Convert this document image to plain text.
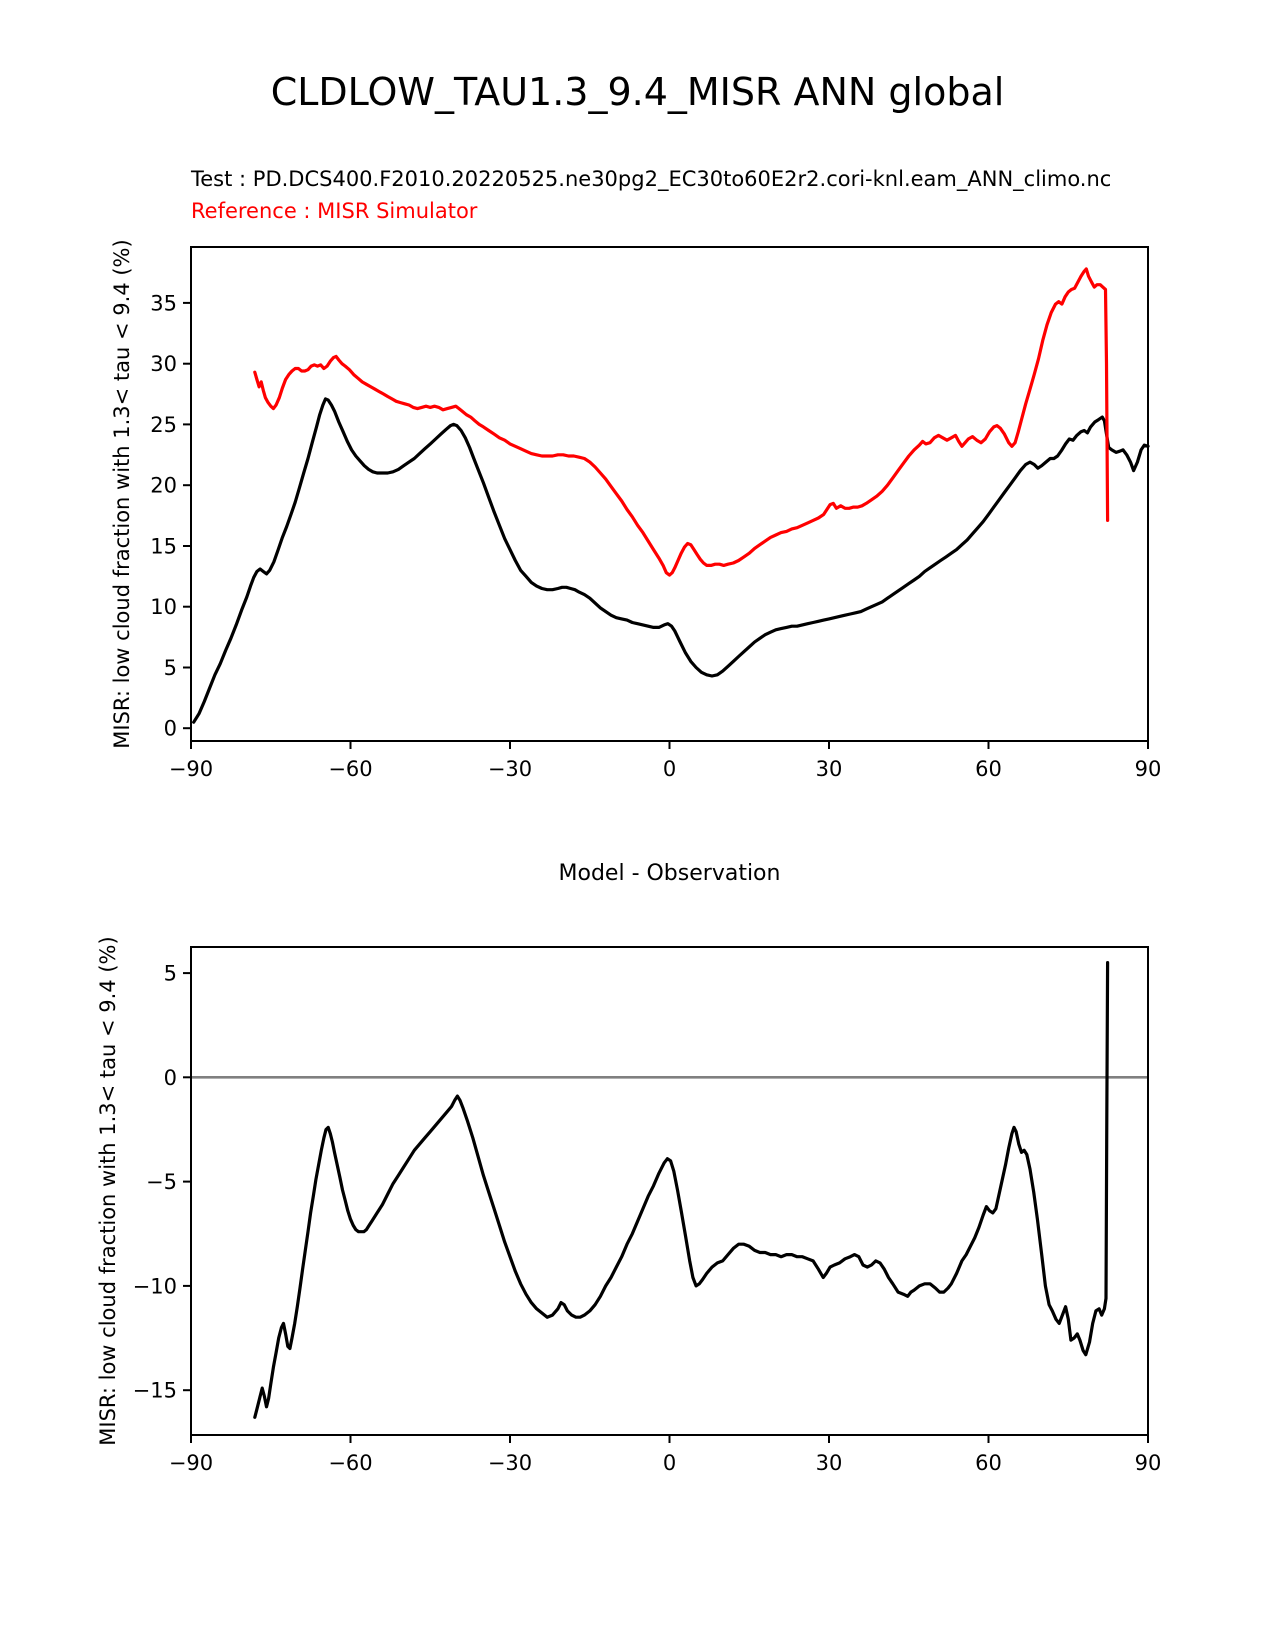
CLDLOW_TAU1.3_9.4_MISR ANN global
Test : PD.DCS400.F2010.20220525.ne30pg2_EC30to60E2r2.cori-knl.eam_ANN_climo.nc
Reference : MISR Simulator
MISR: low cloud fraction with 1.3< tau < 9.4 (%)
Model - Observation
MISR: low cloud fraction with 1.3< tau < 9.4 (%)
−90	−60	−30	0	30	60	90
0
5
10
15
20
25
30
35
−90	−60	−30	0	30	60	90
5
0
−5
−10
−15
